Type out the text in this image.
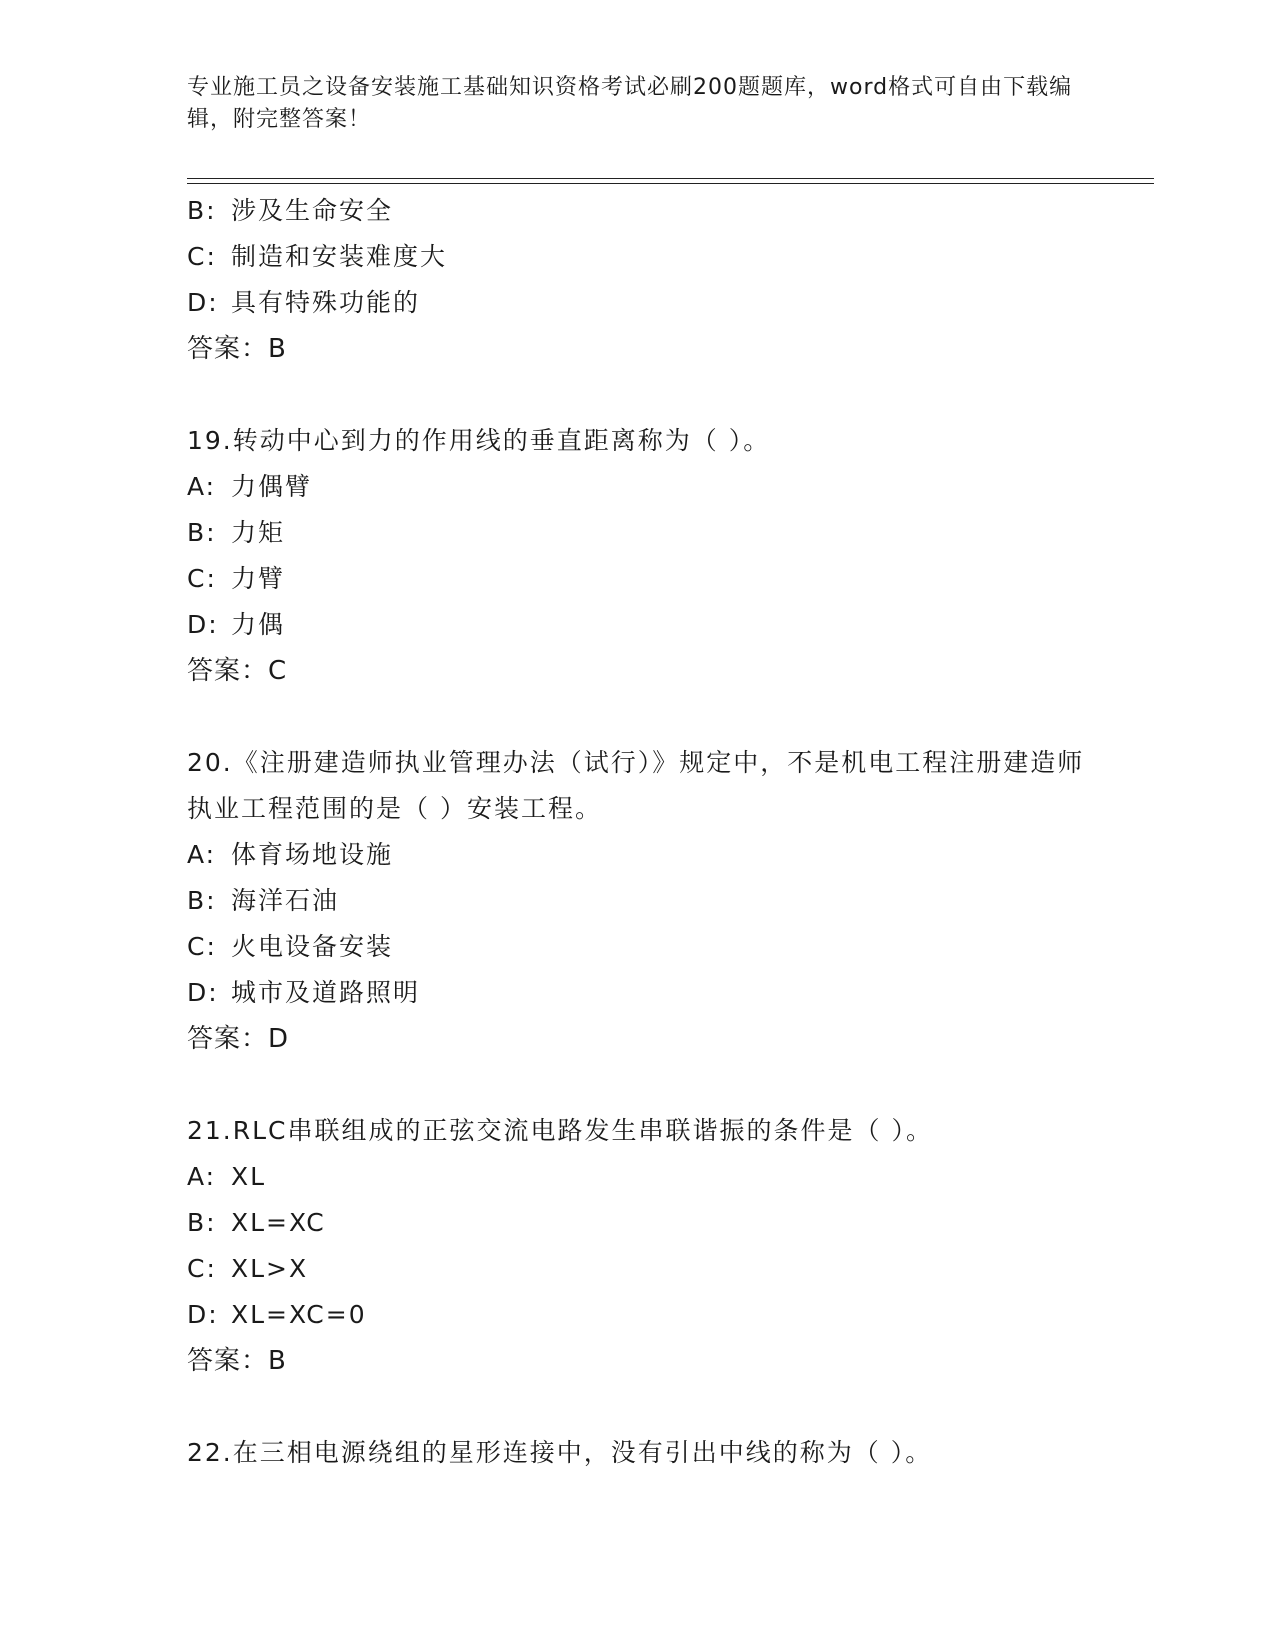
专业施工员之设备安装施工基础知识资格考试必刷200题题库，word格式可自由下载编辑，附完整答案！
B: 涉及生命安全
C: 制造和安装难度大
D: 具有特殊功能的
答案：B
19.转动中心到力的作用线的垂直距离称为（ ）。
A: 力偶臂
B: 力矩
C: 力臂
D: 力偶
答案：C
20.《注册建造师执业管理办法（试行）》规定中，不是机电工程注册建造师执业工程范围的是（ ）安装工程。
A: 体育场地设施
B: 海洋石油
C: 火电设备安装
D: 城市及道路照明
答案：D
21.RLC串联组成的正弦交流电路发生串联谐振的条件是（ ）。
A: XL
B: XL=XC
C: XL>X
D: XL=XC=0
答案：B
22.在三相电源绕组的星形连接中，没有引出中线的称为（ ）。
